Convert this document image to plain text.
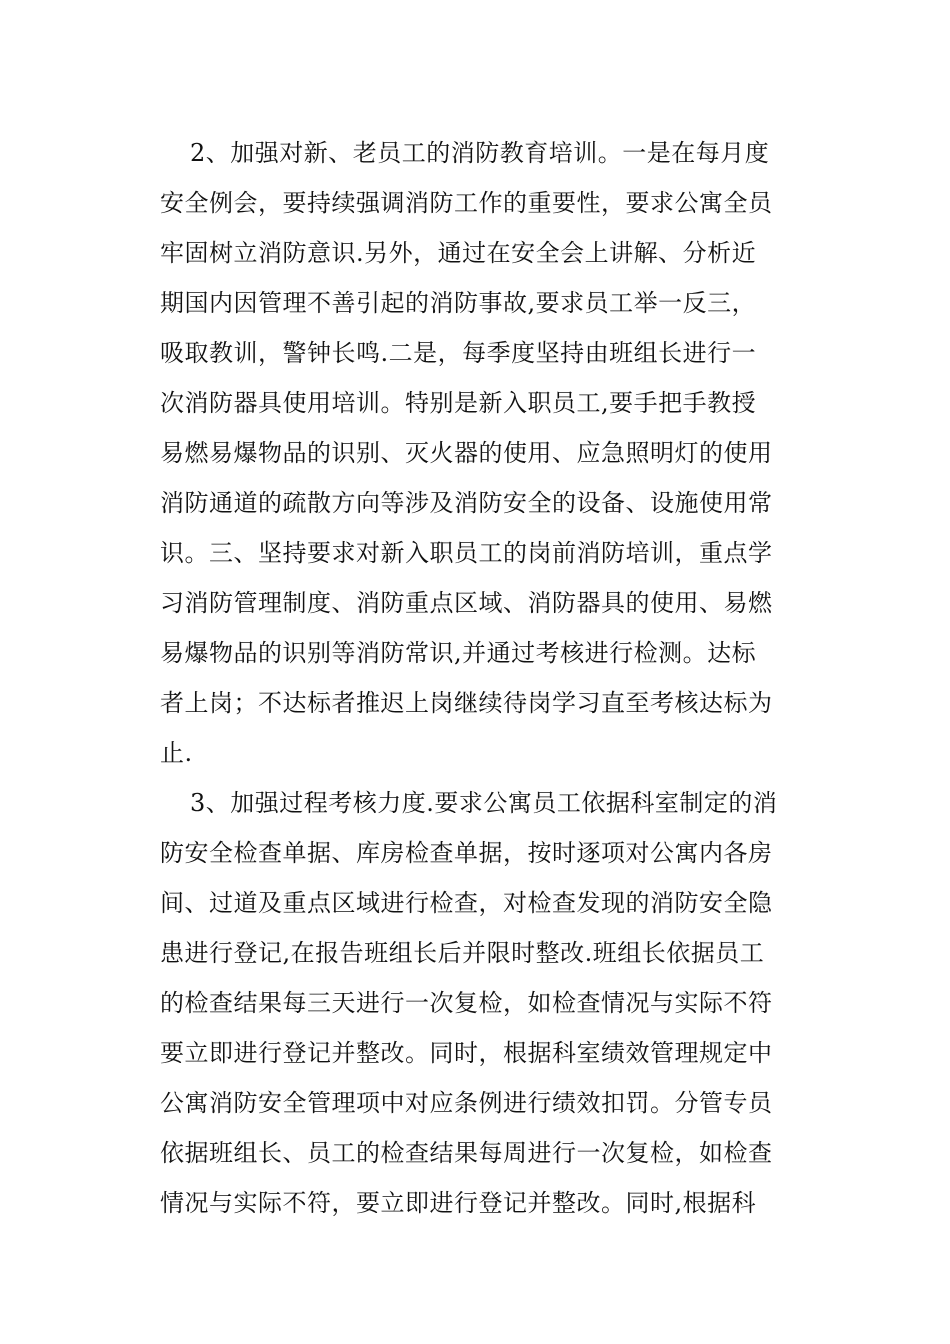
2、加强对新、老员工的消防教育培训。一是在每月度
安全例会，要持续强调消防工作的重要性，要求公寓全员
牢固树立消防意识.另外，通过在安全会上讲解、分析近
期国内因管理不善引起的消防事故,要求员工举一反三，
吸取教训，警钟长鸣.二是，每季度坚持由班组长进行一
次消防器具使用培训。特别是新入职员工,要手把手教授
易燃易爆物品的识别、灭火器的使用、应急照明灯的使用
消防通道的疏散方向等涉及消防安全的设备、设施使用常
识。三、坚持要求对新入职员工的岗前消防培训，重点学
习消防管理制度、消防重点区域、消防器具的使用、易燃
易爆物品的识别等消防常识,并通过考核进行检测。达标
者上岗；不达标者推迟上岗继续待岗学习直至考核达标为
止.
3、加强过程考核力度.要求公寓员工依据科室制定的消
防安全检查单据、库房检查单据，按时逐项对公寓内各房
间、过道及重点区域进行检查，对检查发现的消防安全隐
患进行登记,在报告班组长后并限时整改.班组长依据员工
的检查结果每三天进行一次复检，如检查情况与实际不符
要立即进行登记并整改。同时，根据科室绩效管理规定中
公寓消防安全管理项中对应条例进行绩效扣罚。分管专员
依据班组长、员工的检查结果每周进行一次复检，如检查
情况与实际不符，要立即进行登记并整改。同时,根据科
